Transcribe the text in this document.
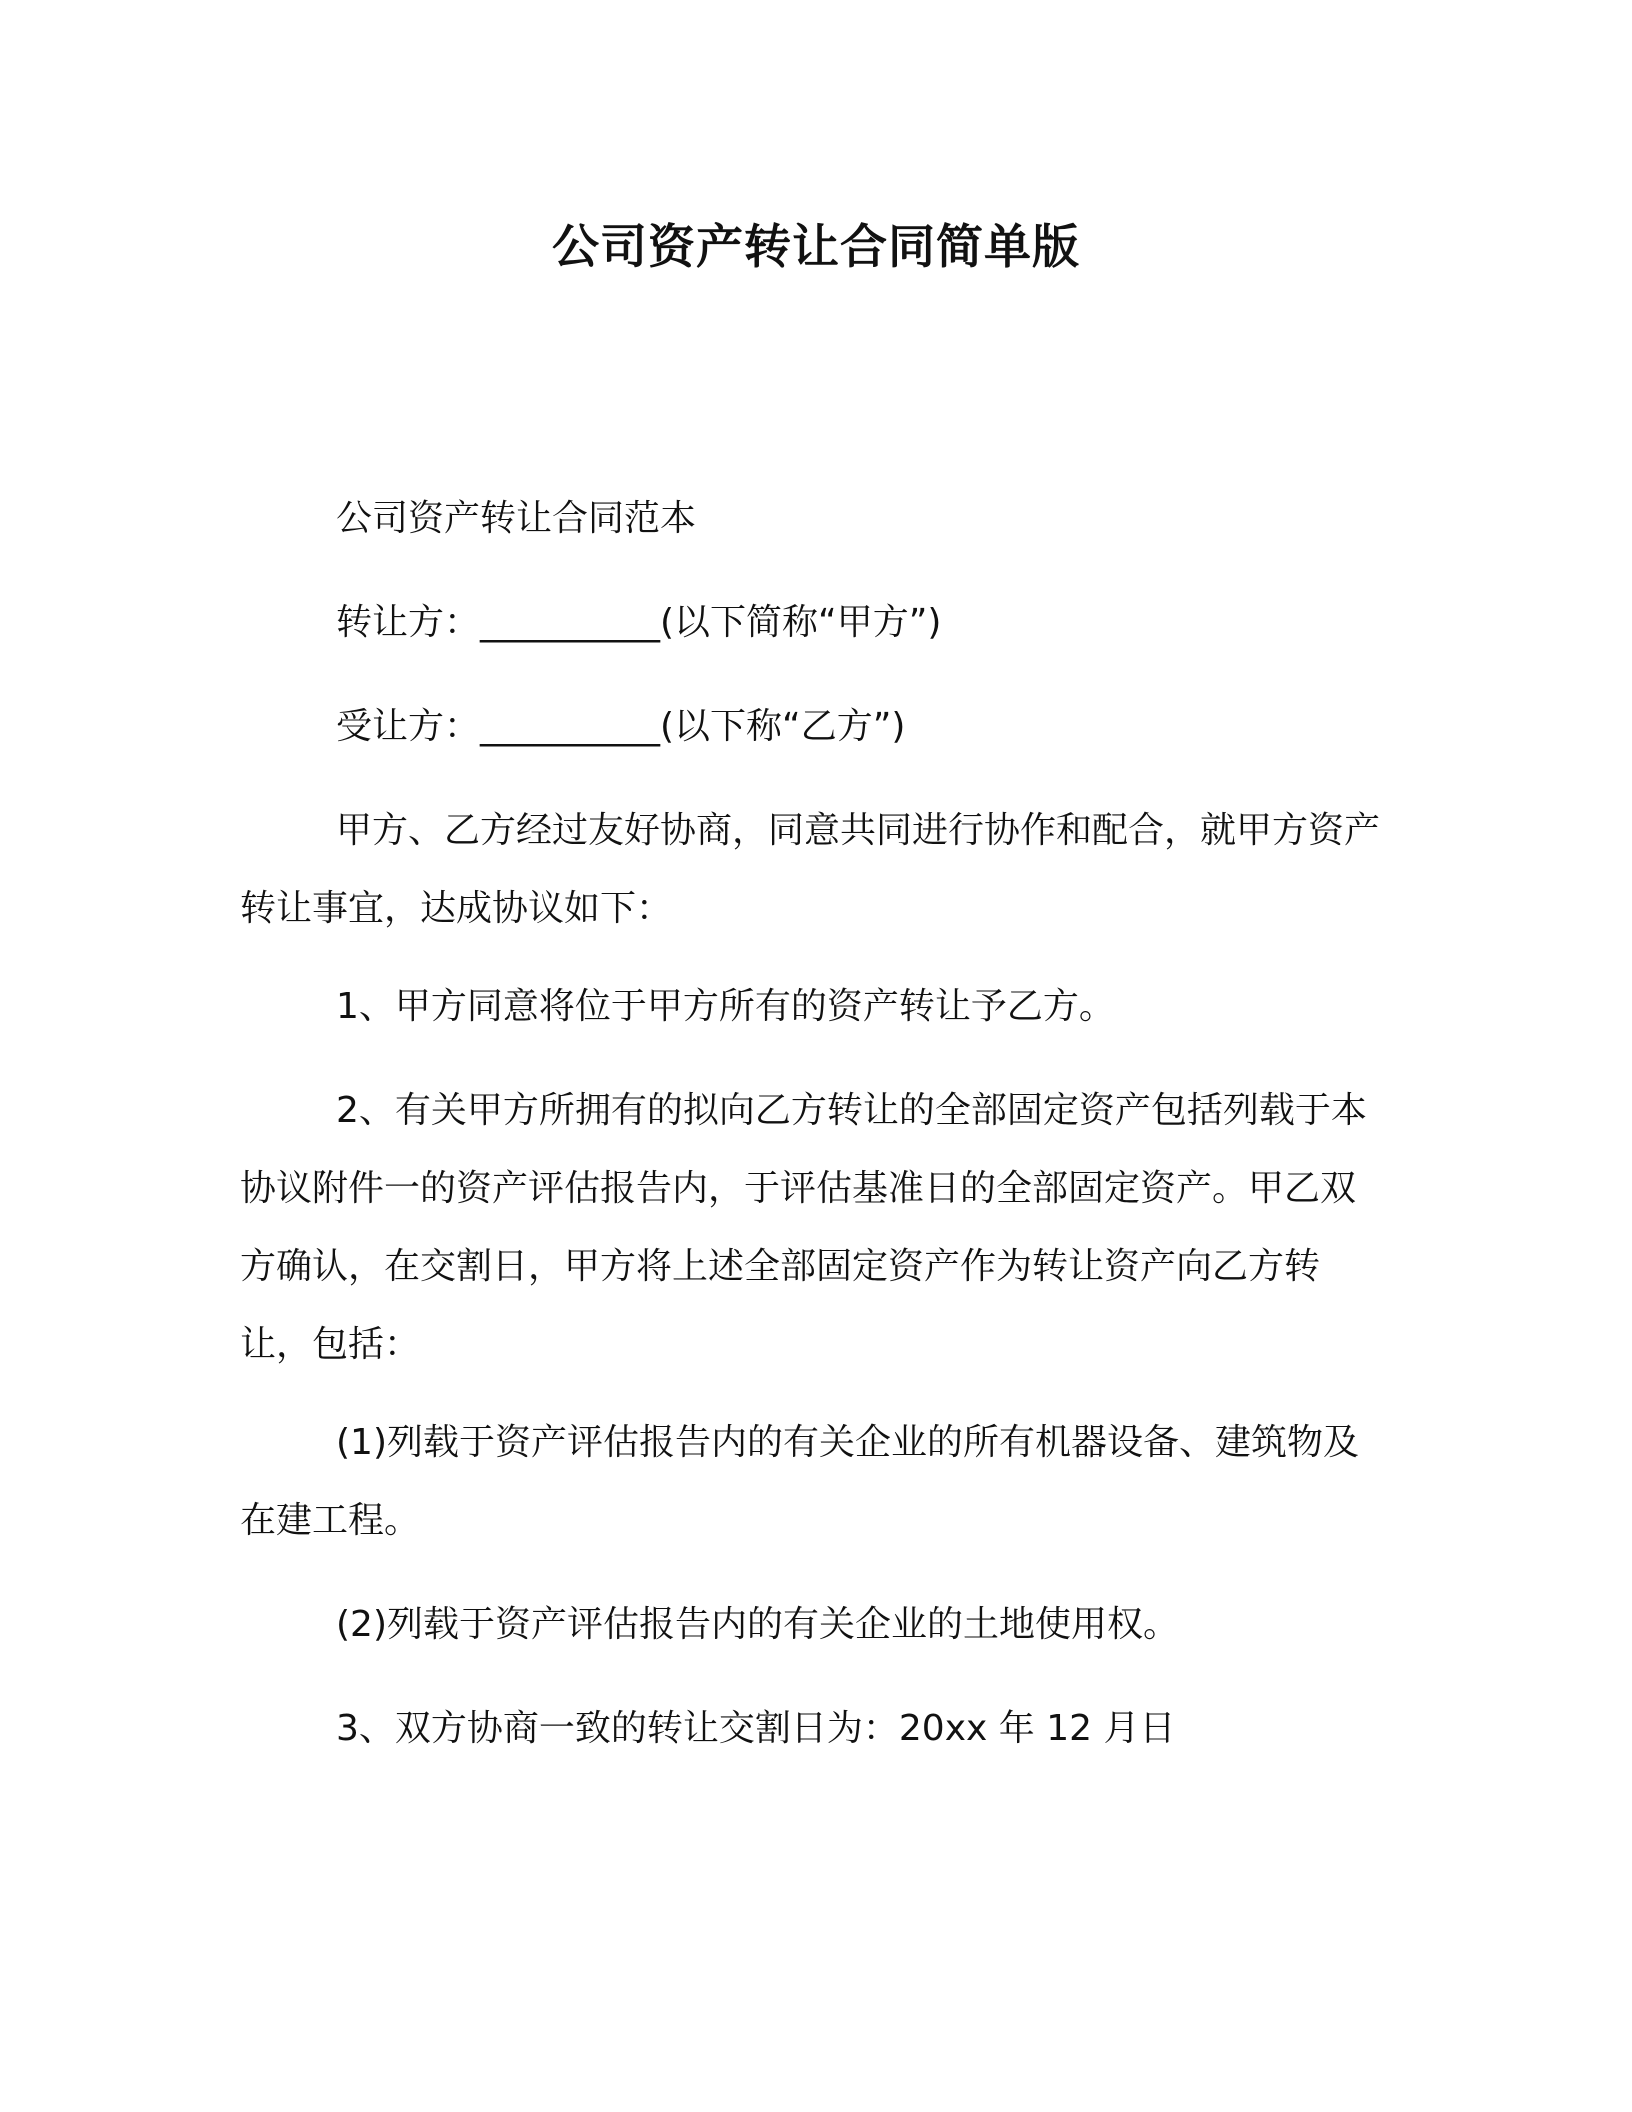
公司资产转让合同简单版

公司资产转让合同范本

转让方：__________(以下简称“甲方”)

受让方：__________(以下称“乙方”)

甲方、乙方经过友好协商，同意共同进行协作和配合，就甲方资产转让事宜，达成协议如下：

1、甲方同意将位于甲方所有的资产转让予乙方。

2、有关甲方所拥有的拟向乙方转让的全部固定资产包括列载于本协议附件一的资产评估报告内，于评估基准日的全部固定资产。甲乙双方确认，在交割日，甲方将上述全部固定资产作为转让资产向乙方转让，包括：

(1)列载于资产评估报告内的有关企业的所有机器设备、建筑物及在建工程。

(2)列载于资产评估报告内的有关企业的土地使用权。

3、双方协商一致的转让交割日为：20xx 年 12 月日
